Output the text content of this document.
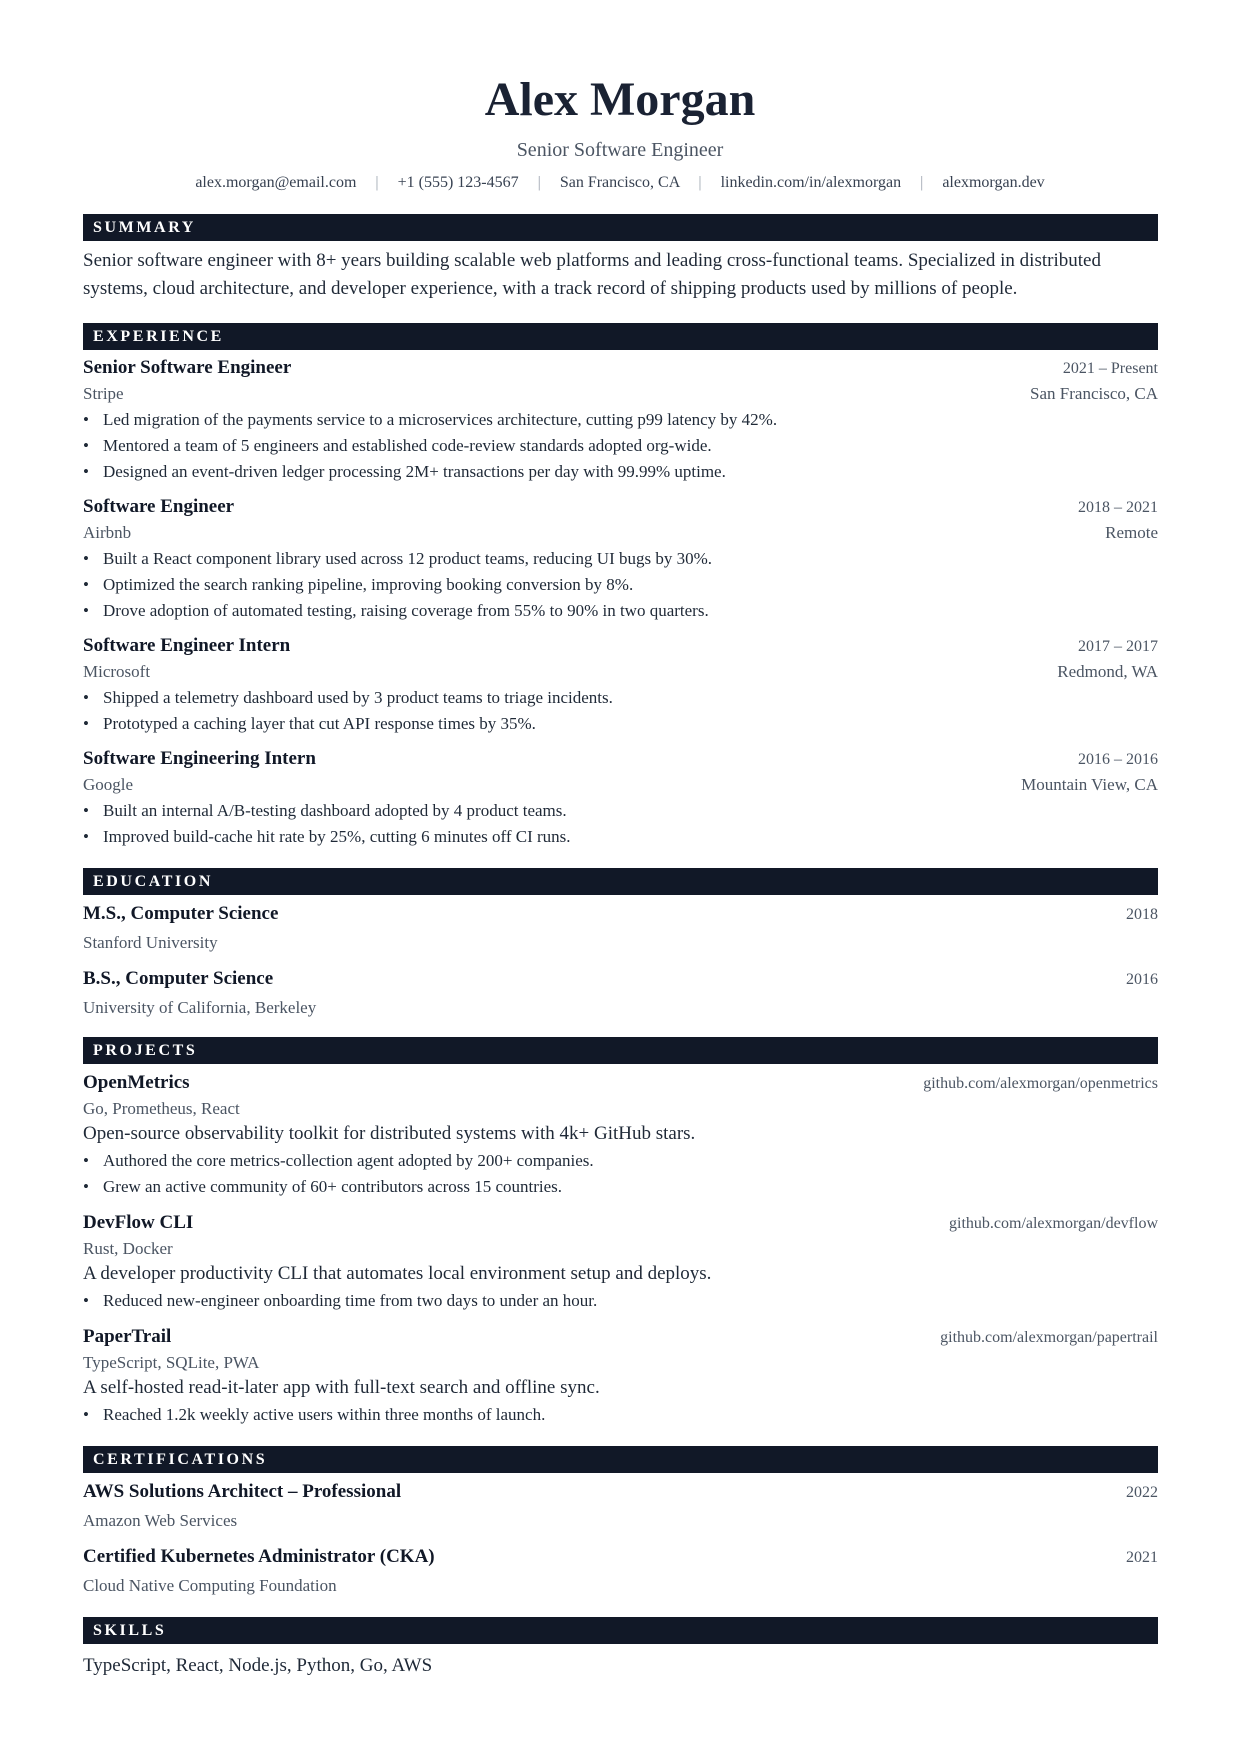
Alex Morgan
Senior Software Engineer
alex.morgan@email.com | +1 (555) 123-4567 | San Francisco, CA | linkedin.com/in/alexmorgan | alexmorgan.dev
SUMMARY
Senior software engineer with 8+ years building scalable web platforms and leading cross-functional teams. Specialized in distributed systems, cloud architecture, and developer experience, with a track record of shipping products used by millions of people.
EXPERIENCE
Senior Software Engineer	2021 – Present
Stripe	San Francisco, CA
• Led migration of the payments service to a microservices architecture, cutting p99 latency by 42%.
• Mentored a team of 5 engineers and established code-review standards adopted org-wide.
• Designed an event-driven ledger processing 2M+ transactions per day with 99.99% uptime.
Software Engineer	2018 – 2021
Airbnb	Remote
• Built a React component library used across 12 product teams, reducing UI bugs by 30%.
• Optimized the search ranking pipeline, improving booking conversion by 8%.
• Drove adoption of automated testing, raising coverage from 55% to 90% in two quarters.
Software Engineer Intern	2017 – 2017
Microsoft	Redmond, WA
• Shipped a telemetry dashboard used by 3 product teams to triage incidents.
• Prototyped a caching layer that cut API response times by 35%.
Software Engineering Intern	2016 – 2016
Google	Mountain View, CA
• Built an internal A/B-testing dashboard adopted by 4 product teams.
• Improved build-cache hit rate by 25%, cutting 6 minutes off CI runs.
EDUCATION
M.S., Computer Science	2018
Stanford University
B.S., Computer Science	2016
University of California, Berkeley
PROJECTS
OpenMetrics	github.com/alexmorgan/openmetrics
Go, Prometheus, React
Open-source observability toolkit for distributed systems with 4k+ GitHub stars.
• Authored the core metrics-collection agent adopted by 200+ companies.
• Grew an active community of 60+ contributors across 15 countries.
DevFlow CLI	github.com/alexmorgan/devflow
Rust, Docker
A developer productivity CLI that automates local environment setup and deploys.
• Reduced new-engineer onboarding time from two days to under an hour.
PaperTrail	github.com/alexmorgan/papertrail
TypeScript, SQLite, PWA
A self-hosted read-it-later app with full-text search and offline sync.
• Reached 1.2k weekly active users within three months of launch.
CERTIFICATIONS
AWS Solutions Architect – Professional	2022
Amazon Web Services
Certified Kubernetes Administrator (CKA)	2021
Cloud Native Computing Foundation
SKILLS
TypeScript, React, Node.js, Python, Go, AWS
